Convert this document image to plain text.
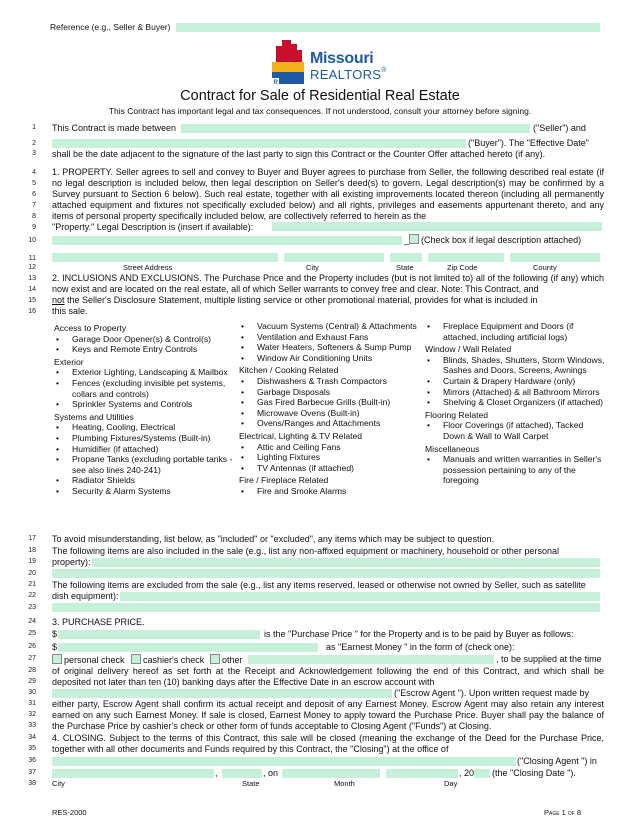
Reference (e.g., Seller & Buyer)
R
Missouri
REALTORS®
Contract for Sale of Residential Real Estate
This Contract has important legal and tax consequences. If not understood, consult your attorney before signing.
1
2
3
4
5
6
7
8
9
10
11
12
13
14
15
16
17
18
19
20
21
22
23
24
25
26
27
28
29
30
31
32
33
34
35
36
37
38
This Contract is made between	("Seller") and
("Buyer"). The "Effective Date"
shall be the date adjacent to the signature of the last party to sign this Contract or the Counter Offer attached hereto (if any).
1. PROPERTY. Seller agrees to sell and convey to Buyer and Buyer agrees to purchase from Seller, the following described real estate (if no legal description is included below, then legal description on Seller's deed(s) to govern. Legal description(s) may be confirmed by a Survey pursuant to Section 6 below). Such real estate, together with all existing improvements located thereon (including all permanently attached equipment and fixtures not specifically excluded below) and all rights, privileges and easements appurtenant thereto, and any items of personal property specifically included below, are collectively referred to herein as the
"Property." Legal Description is (insert if available):
_ (Check box if legal description attached)
Street Address	City	State	Zip Code	County
2. INCLUSIONS AND EXCLUSIONS. The Purchase Price and the Property includes (but is not limited to) all of the following (if any) which now exist and are located on the real estate, all of which Seller warrants to convey free and clear. Note: This Contract, and
not the Seller's Disclosure Statement, multiple listing service or other promotional material, provides for what is included in
this sale.
Access to Property
• Garage Door Opener(s) & Control(s)
• Keys and Remote Entry Controls
Exterior
• Exterior Lighting, Landscaping & Mailbox
• Fences (excluding invisible pet systems, collars and controls)
• Sprinkler Systems and Controls
Systems and Utilities
• Heating, Cooling, Electrical
• Plumbing Fixtures/Systems (Built-in)
• Humidifier (if attached)
• Propane Tanks (excluding portable tanks - see also lines 240-241)
• Radiator Shields
• Security & Alarm Systems
• Vacuum Systems (Central) & Attachments
• Ventilation and Exhaust Fans
• Water Heaters, Softeners & Sump Pump
• Window Air Conditioning Units
Kitchen / Cooking Related
• Dishwashers & Trash Compactors
• Garbage Disposals
• Gas Fired Barbecue Grills (Built-in)
• Microwave Ovens (Built-in)
• Ovens/Ranges and Attachments
Electrical, Lighting & TV Related
• Attic and Ceiling Fans
• Lighting Fixtures
• TV Antennas (if attached)
Fire / Fireplace Related
• Fire and Smoke Alarms
• Fireplace Equipment and Doors (if attached, including artificial logs)
Window / Wall Related
• Blinds, Shades, Shutters, Storm Windows, Sashes and Doors, Screens, Awnings
• Curtain & Drapery Hardware (only)
• Mirrors (Attached) & all Bathroom Mirrors
• Shelving & Closet Organizers (if attached)
Flooring Related
• Floor Coverings (if attached), Tacked Down & Wall to Wall Carpet
Miscellaneous
• Manuals and written warranties in Seller's possession pertaining to any of the foregoing
To avoid misunderstanding, list below, as "included" or "excluded", any items which may be subject to question.
The following items are also included in the sale (e.g., list any non-affixed equipment or machinery, household or other personal
property):
The following items are excluded from the sale (e.g., list any items reserved, leased or otherwise not owned by Seller, such as satellite
dish equipment):
3. PURCHASE PRICE.
$	is the "Purchase Price " for the Property and is to be paid by Buyer as follows:
$	as "Earnest Money " in the form of (check one):
personal check	cashier's check	other	, to be supplied at the time
of original delivery hereof as set forth at the Receipt and Acknowledgement following the end of this Contract, and which shall be deposited not later than ten (10) banking days after the Effective Date in an escrow account with
("Escrow Agent "). Upon written request made by
either party, Escrow Agent shall confirm its actual receipt and deposit of any Earnest Money. Escrow Agent may also retain any interest earned on any such Earnest Money. If sale is closed, Earnest Money to apply toward the Purchase Price. Buyer shall pay the balance of the Purchase Price by cashier's check or other form of funds acceptable to Closing Agent ("Funds") at Closing.
4. CLOSING. Subject to the terms of this Contract, this sale will be closed (meaning the exchange of the Deed for the Purchase Price, together with all other documents and Funds required by this Contract, the "Closing") at the office of
("Closing Agent ") in
,	, on	, 20 (the "Closing Date ").
City	State	Month	Day
RES-2000	Page 1 of 8
